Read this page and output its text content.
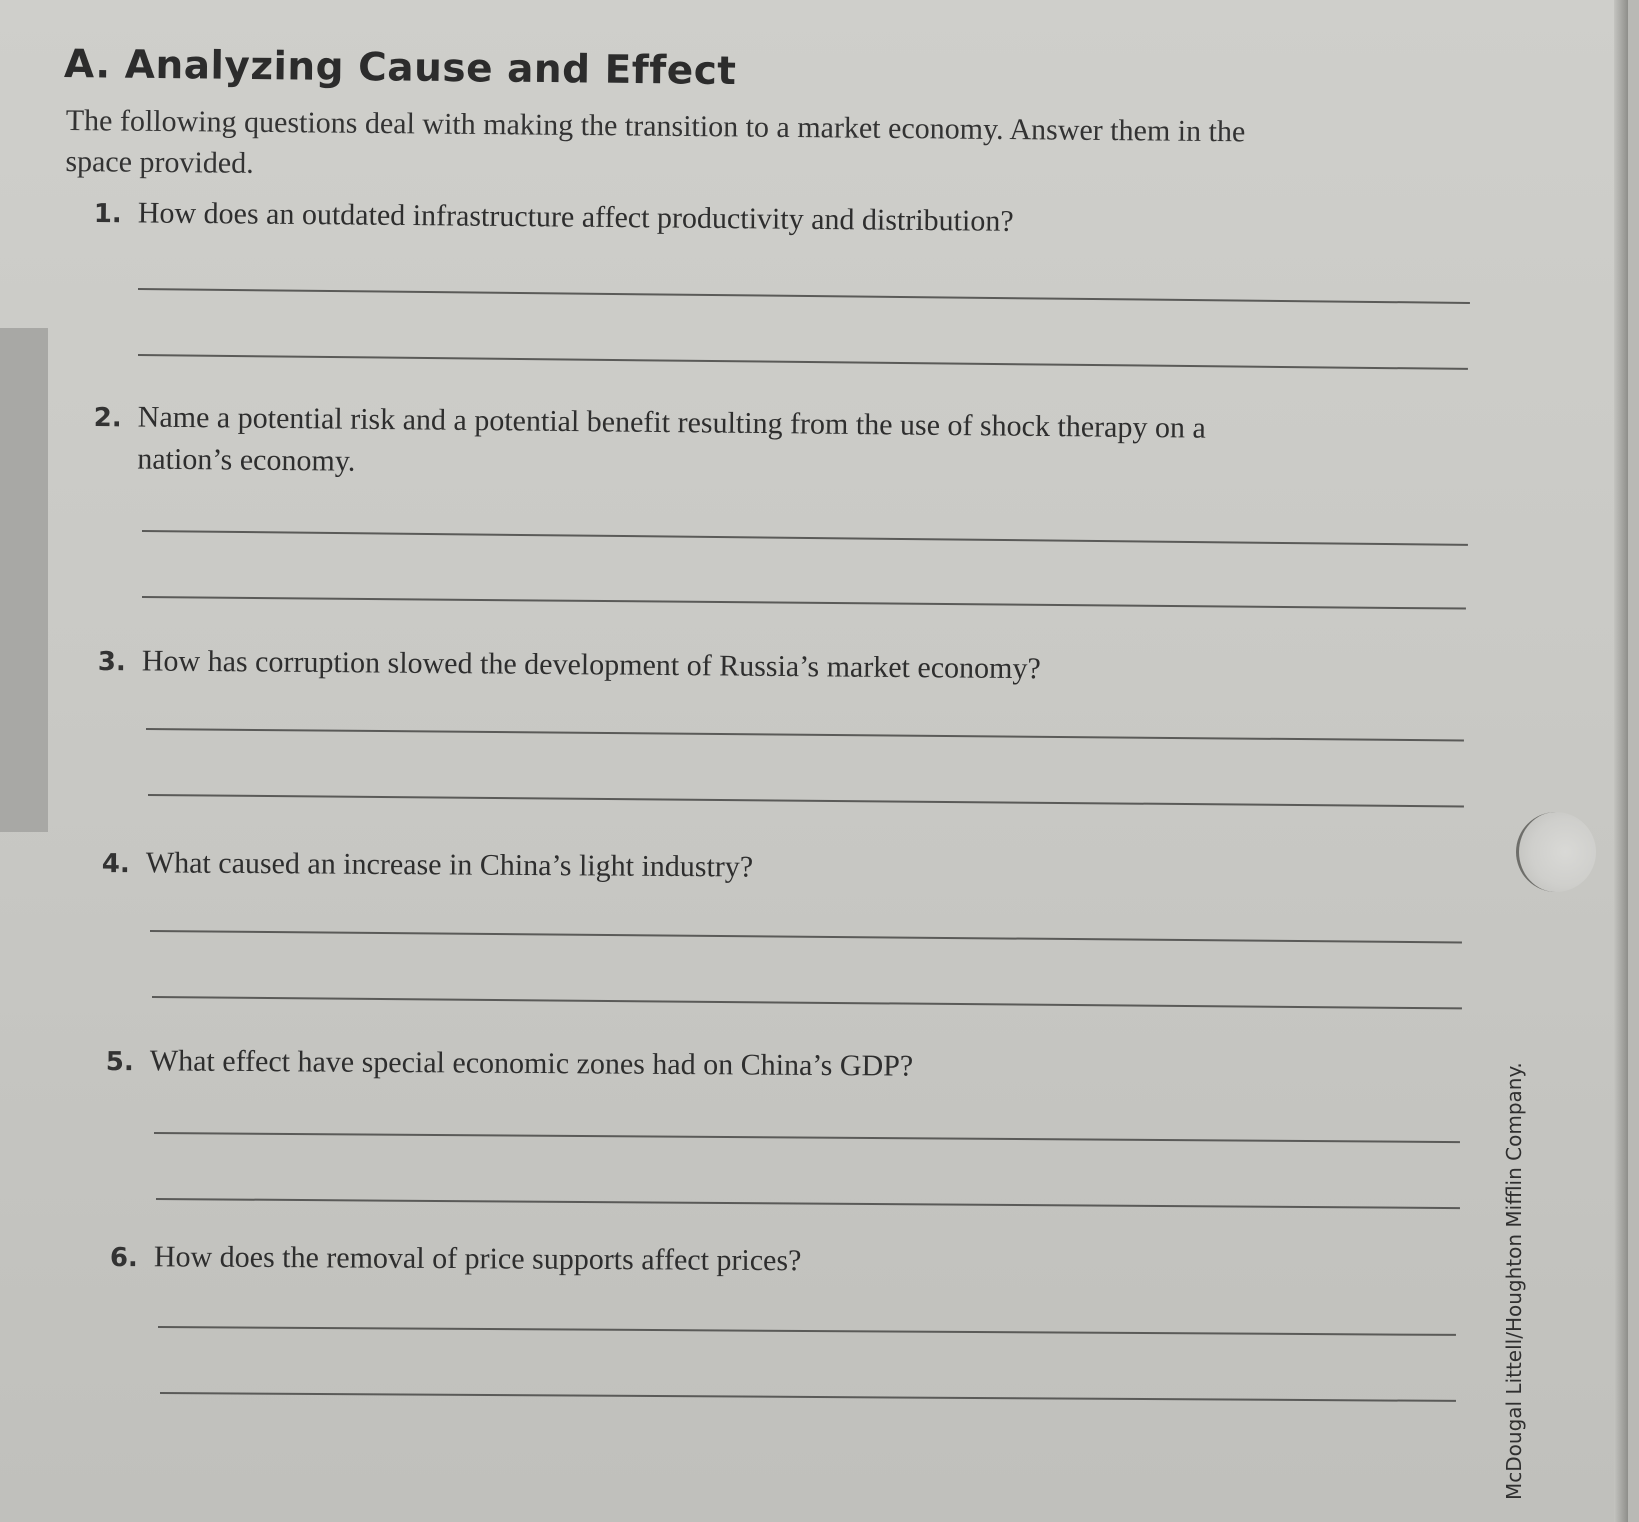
A. Analyzing Cause and Effect
The following questions deal with making the transition to a market economy. Answer them in the space provided.
1. How does an outdated infrastructure affect productivity and distribution?
2. Name a potential risk and a potential benefit resulting from the use of shock therapy on a nation’s economy.
3. How has corruption slowed the development of Russia’s market economy?
4. What caused an increase in China’s light industry?
5. What effect have special economic zones had on China’s GDP?
6. How does the removal of price supports affect prices?	McDougal Littell/Houghton Mifflin Company.
